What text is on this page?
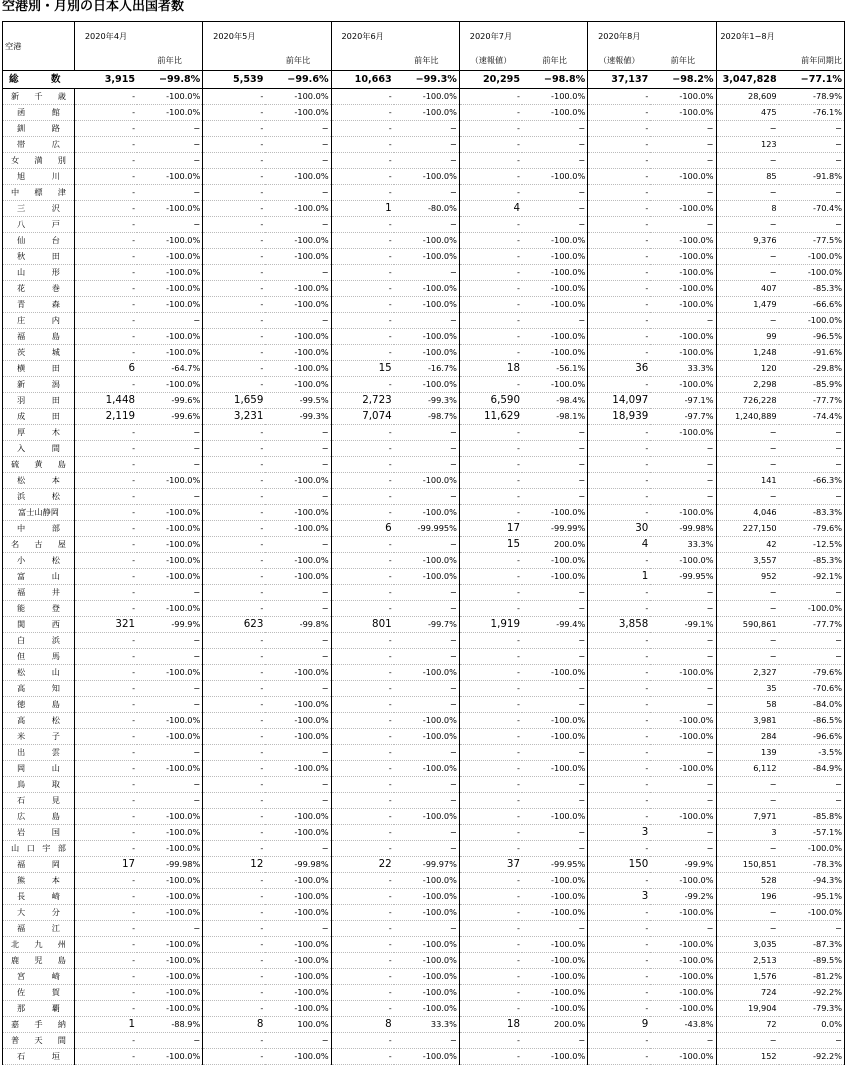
空港別・月別の日本人出国者数
空港	2020年4月		2020年5月		2020年6月		2020年7月		2020年8月		2020年1−8月	
		前年比		前年比		前年比	（速報値）	前年比	（速報値）	前年比		前年同期比
総数	3,915	−99.8%	5,539	−99.6%	10,663	−99.3%	20,295	−98.8%	37,137	−98.2%	3,047,828	−77.1%
新千歳	-	-100.0%	-	-100.0%	-	-100.0%	-	-100.0%	-	-100.0%	28,609	-78.9%
函館	-	-100.0%	-	-100.0%	-	-100.0%	-	-100.0%	-	-100.0%	475	-76.1%
釧路	-	−	-	−	-	−	-	−	-	−	−	−
帯広	-	−	-	−	-	−	-	−	-	−	123	−
女満別	-	−	-	−	-	−	-	−	-	−	−	−
旭川	-	-100.0%	-	-100.0%	-	-100.0%	-	-100.0%	-	-100.0%	85	-91.8%
中標津	-	−	-	−	-	−	-	−	-	−	−	−
三沢	-	-100.0%	-	-100.0%	1	-80.0%	4	−	-	-100.0%	8	-70.4%
八戸	-	−	-	−	-	−	-	−	-	−	−	−
仙台	-	-100.0%	-	-100.0%	-	-100.0%	-	-100.0%	-	-100.0%	9,376	-77.5%
秋田	-	-100.0%	-	-100.0%	-	-100.0%	-	-100.0%	-	-100.0%	−	-100.0%
山形	-	-100.0%	-	−	-	−	-	-100.0%	-	-100.0%	−	-100.0%
花巻	-	-100.0%	-	-100.0%	-	-100.0%	-	-100.0%	-	-100.0%	407	-85.3%
青森	-	-100.0%	-	-100.0%	-	-100.0%	-	-100.0%	-	-100.0%	1,479	-66.6%
庄内	-	−	-	−	-	−	-	−	-	−	−	-100.0%
福島	-	-100.0%	-	-100.0%	-	-100.0%	-	-100.0%	-	-100.0%	99	-96.5%
茨城	-	-100.0%	-	-100.0%	-	-100.0%	-	-100.0%	-	-100.0%	1,248	-91.6%
横田	6	-64.7%	-	-100.0%	15	-16.7%	18	-56.1%	36	33.3%	120	-29.8%
新潟	-	-100.0%	-	-100.0%	-	-100.0%	-	-100.0%	-	-100.0%	2,298	-85.9%
羽田	1,448	-99.6%	1,659	-99.5%	2,723	-99.3%	6,590	-98.4%	14,097	-97.1%	726,228	-77.7%
成田	2,119	-99.6%	3,231	-99.3%	7,074	-98.7%	11,629	-98.1%	18,939	-97.7%	1,240,889	-74.4%
厚木	-	−	-	−	-	−	-	−	-	-100.0%	−	−
入間	-	−	-	−	-	−	-	−	-	−	−	−
硫黄島	-	−	-	−	-	−	-	−	-	−	−	−
松本	-	-100.0%	-	-100.0%	-	-100.0%	-	−	-	−	141	-66.3%
浜松	-	−	-	−	-	−	-	−	-	−	−	−
富士山静岡	-	-100.0%	-	-100.0%	-	-100.0%	-	-100.0%	-	-100.0%	4,046	-83.3%
中部	-	-100.0%	-	-100.0%	6	-99.995%	17	-99.99%	30	-99.98%	227,150	-79.6%
名古屋	-	-100.0%	-	−	-	−	15	200.0%	4	33.3%	42	-12.5%
小松	-	-100.0%	-	-100.0%	-	-100.0%	-	-100.0%	-	-100.0%	3,557	-85.3%
富山	-	-100.0%	-	-100.0%	-	-100.0%	-	-100.0%	1	-99.95%	952	-92.1%
福井	-	−	-	−	-	−	-	−	-	−	−	−
能登	-	-100.0%	-	−	-	−	-	−	-	−	−	-100.0%
関西	321	-99.9%	623	-99.8%	801	-99.7%	1,919	-99.4%	3,858	-99.1%	590,861	-77.7%
白浜	-	−	-	−	-	−	-	−	-	−	−	−
但馬	-	−	-	−	-	−	-	−	-	−	−	−
松山	-	-100.0%	-	-100.0%	-	-100.0%	-	-100.0%	-	-100.0%	2,327	-79.6%
高知	-	−	-	−	-	−	-	−	-	−	35	-70.6%
徳島	-	−	-	-100.0%	-	−	-	−	-	−	58	-84.0%
高松	-	-100.0%	-	-100.0%	-	-100.0%	-	-100.0%	-	-100.0%	3,981	-86.5%
米子	-	-100.0%	-	-100.0%	-	-100.0%	-	-100.0%	-	-100.0%	284	-96.6%
出雲	-	−	-	−	-	−	-	−	-	−	139	-3.5%
岡山	-	-100.0%	-	-100.0%	-	-100.0%	-	-100.0%	-	-100.0%	6,112	-84.9%
鳥取	-	−	-	−	-	−	-	−	-	−	−	−
石見	-	−	-	−	-	−	-	−	-	−	−	−
広島	-	-100.0%	-	-100.0%	-	-100.0%	-	-100.0%	-	-100.0%	7,971	-85.8%
岩国	-	-100.0%	-	-100.0%	-	−	-	−	3	−	3	-57.1%
山口宇部	-	-100.0%	-	−	-	−	-	−	-	−	−	-100.0%
福岡	17	-99.98%	12	-99.98%	22	-99.97%	37	-99.95%	150	-99.9%	150,851	-78.3%
熊本	-	-100.0%	-	-100.0%	-	-100.0%	-	-100.0%	-	-100.0%	528	-94.3%
長崎	-	-100.0%	-	-100.0%	-	-100.0%	-	-100.0%	3	-99.2%	196	-95.1%
大分	-	-100.0%	-	-100.0%	-	-100.0%	-	-100.0%	-	-100.0%	−	-100.0%
福江	-	−	-	−	-	−	-	−	-	−	−	−
北九州	-	-100.0%	-	-100.0%	-	-100.0%	-	-100.0%	-	-100.0%	3,035	-87.3%
鹿児島	-	-100.0%	-	-100.0%	-	-100.0%	-	-100.0%	-	-100.0%	2,513	-89.5%
宮崎	-	-100.0%	-	-100.0%	-	-100.0%	-	-100.0%	-	-100.0%	1,576	-81.2%
佐賀	-	-100.0%	-	-100.0%	-	-100.0%	-	-100.0%	-	-100.0%	724	-92.2%
那覇	-	-100.0%	-	-100.0%	-	-100.0%	-	-100.0%	-	-100.0%	19,904	-79.3%
嘉手納	1	-88.9%	8	100.0%	8	33.3%	18	200.0%	9	-43.8%	72	0.0%
普天間	-	−	-	−	-	−	-	−	-	−	−	−
石垣	-	-100.0%	-	-100.0%	-	-100.0%	-	-100.0%	-	-100.0%	152	-92.2%
